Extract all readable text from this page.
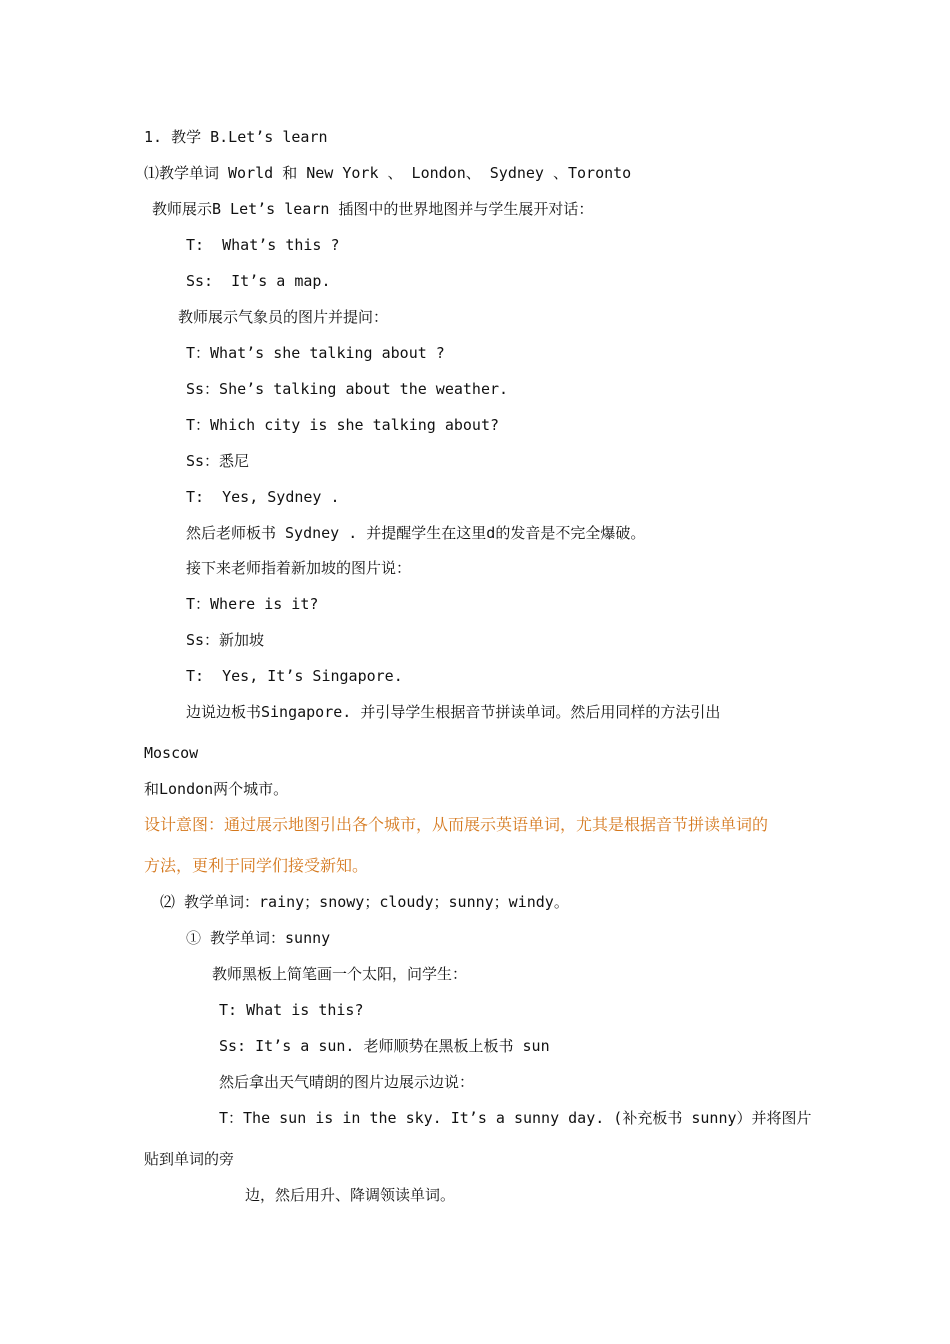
1. 教学 B.Let’s learn

⑴教学单词 World 和 New York 、 London、 Sydney 、Toronto

教师展示B Let’s learn 插图中的世界地图并与学生展开对话：

T:  What’s this ?

Ss:  It’s a map.

教师展示气象员的图片并提问：

T：What’s she talking about ?

Ss：She’s talking about the weather.

T：Which city is she talking about?

Ss：悉尼

T:  Yes, Sydney .

然后老师板书 Sydney . 并提醒学生在这里d的发音是不完全爆破。

接下来老师指着新加坡的图片说：

T：Where is it?

Ss：新加坡

T:  Yes, It’s Singapore.

边说边板书Singapore. 并引导学生根据音节拼读单词。然后用同样的方法引出

Moscow

和London两个城市。

设计意图：通过展示地图引出各个城市，从而展示英语单词，尤其是根据音节拼读单词的

方法，更利于同学们接受新知。

⑵ 教学单词：rainy；snowy；cloudy；sunny；windy。

① 教学单词：sunny

教师黑板上简笔画一个太阳，问学生：

T: What is this?

Ss: It’s a sun. 老师顺势在黑板上板书 sun

然后拿出天气晴朗的图片边展示边说：

T：The sun is in the sky. It’s a sunny day. (补充板书 sunny）并将图片

贴到单词的旁

边，然后用升、降调领读单词。
